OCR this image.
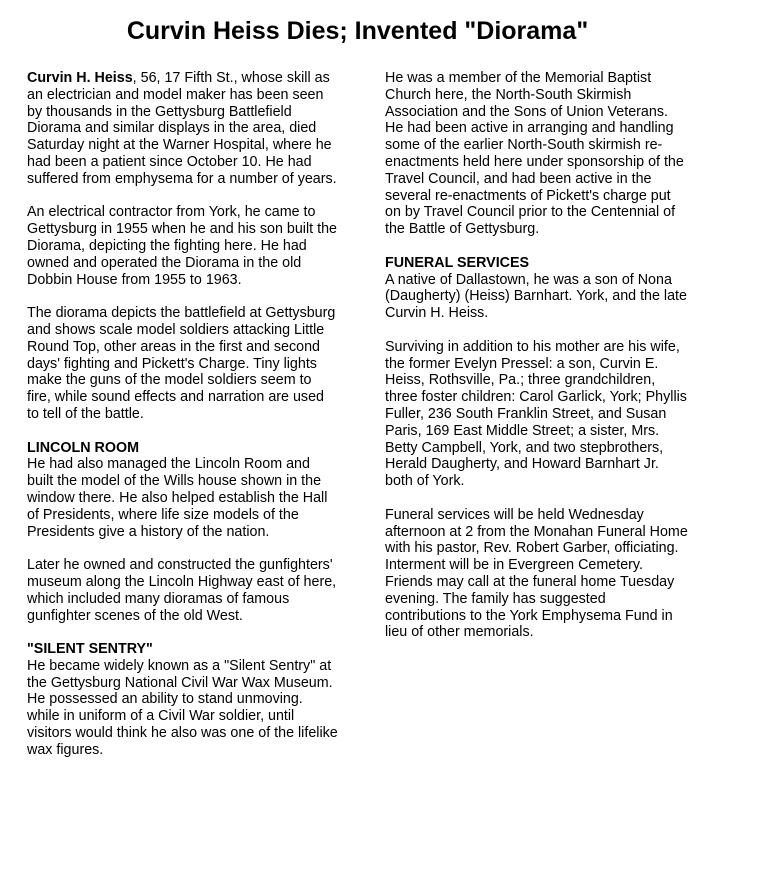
Curvin Heiss Dies; Invented "Diorama"

Curvin H. Heiss, 56, 17 Fifth St., whose skill as an electrician and model maker has been seen by thousands in the Gettysburg Battlefield Diorama and similar displays in the area, died Saturday night at the Warner Hospital, where he had been a patient since October 10. He had suffered from emphysema for a number of years.

An electrical contractor from York, he came to Gettysburg in 1955 when he and his son built the Diorama, depicting the fighting here. He had owned and operated the Diorama in the old Dobbin House from 1955 to 1963.

The diorama depicts the battlefield at Gettysburg and shows scale model soldiers attacking Little Round Top, other areas in the first and second days' fighting and Pickett's Charge. Tiny lights make the guns of the model soldiers seem to fire, while sound effects and narration are used to tell of the battle.

LINCOLN ROOM

He had also managed the Lincoln Room and built the model of the Wills house shown in the window there. He also helped establish the Hall of Presidents, where life size models of the Presidents give a history of the nation.

Later he owned and constructed the gunfighters' museum along the Lincoln Highway east of here, which included many dioramas of famous gunfighter scenes of the old West.

"SILENT SENTRY"

He became widely known as a "Silent Sentry" at the Gettysburg National Civil War Wax Museum. He possessed an ability to stand unmoving. while in uniform of a Civil War soldier, until visitors would think he also was one of the lifelike wax figures.

He was a member of the Memorial Baptist Church here, the North-South Skirmish Association and the Sons of Union Veterans. He had been active in arranging and handling some of the earlier North-South skirmish re-enactments held here under sponsorship of the Travel Council, and had been active in the several re-enactments of Pickett's charge put on by Travel Council prior to the Centennial of the Battle of Gettysburg.

FUNERAL SERVICES

A native of Dallastown, he was a son of Nona (Daugherty) (Heiss) Barnhart. York, and the late Curvin H. Heiss.

Surviving in addition to his mother are his wife, the former Evelyn Pressel: a son, Curvin E. Heiss, Rothsville, Pa.; three grandchildren, three foster children: Carol Garlick, York; Phyllis Fuller, 236 South Franklin Street, and Susan Paris, 169 East Middle Street; a sister, Mrs. Betty Campbell, York, and two stepbrothers, Herald Daugherty, and Howard Barnhart Jr. both of York.

Funeral services will be held Wednesday afternoon at 2 from the Monahan Funeral Home with his pastor, Rev. Robert Garber, officiating. Interment will be in Evergreen Cemetery. Friends may call at the funeral home Tuesday evening. The family has suggested contributions to the York Emphysema Fund in lieu of other memorials.
